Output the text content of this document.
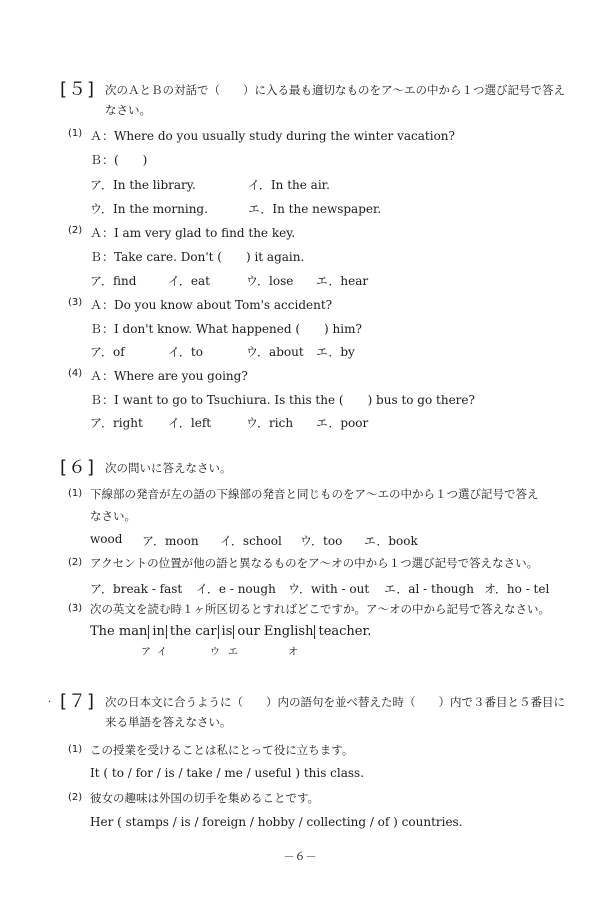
[５] 次のＡとＢの対話で（　　）に入る最も適切なものをア～エの中から１つ選び記号で答えなさい。
(1) Ａ：Where do you usually study during the winter vacation?
Ｂ：(　　)
ア．In the library.	イ．In the air.
ウ．In the morning.	エ．In the newspaper.
(2) Ａ：I am very glad to find the key.
Ｂ：Take care. Don't (　　) it again.
ア．find	イ．eat	ウ．lose エ．hear
(3) Ａ：Do you know about Tom's accident?
Ｂ：I don't know. What happened (　　) him?
ア．of	イ．to	ウ．about エ．by
(4) Ａ：Where are you going?
Ｂ：I want to go to Tsuchiura. Is this the (　　) bus to go there?
ア．right イ．left	ウ．rich エ．poor
[６] 次の問いに答えなさい。
(1) 下線部の発音が左の語の下線部の発音と同じものをア～エの中から１つ選び記号で答え
なさい。
wood ア．moon イ．school ウ．too エ．book
(2) アクセントの位置が他の語と異なるものをア～オの中から１つ選び記号で答えなさい。
ア．break - fast イ．e - nough ウ．with - out エ．al - though オ．ho - tel
(3) 次の英文を読む時１ヶ所区切るとすればどこですか。ア～オの中から記号で答えなさい。
The man in the car is our English teacher.
ア イ	ウ エ	オ
· [７] 次の日本文に合うように（　　）内の語句を並べ替えた時（　　）内で３番目と５番目に来る単語を答えなさい。
(1) この授業を受けることは私にとって役に立ちます。
It ( to / for / is / take / me / useful ) this class.
(2) 彼女の趣味は外国の切手を集めることです。
Her ( stamps / is / foreign / hobby / collecting / of ) countries.
－６－
